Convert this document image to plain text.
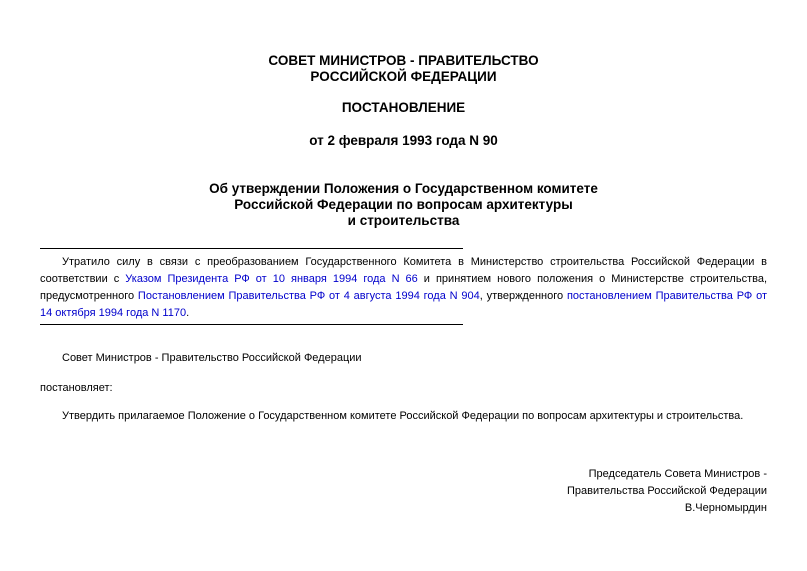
СОВЕТ МИНИСТРОВ - ПРАВИТЕЛЬСТВО
РОССИЙСКОЙ ФЕДЕРАЦИИ
ПОСТАНОВЛЕНИЕ
от 2 февраля 1993 года N 90
Об утверждении Положения о Государственном комитете
Российской Федерации по вопросам архитектуры
и строительства
Утратило силу в связи с преобразованием Государственного Комитета в Министерство строительства Российской Федерации в соответствии с Указом Президента РФ от 10 января 1994 года N 66 и принятием нового положения о Министерстве строительства, предусмотренного Постановлением Правительства РФ от 4 августа 1994 года N 904, утвержденного постановлением Правительства РФ от 14 октября 1994 года N 1170.
Совет Министров - Правительство Российской Федерации
постановляет:
Утвердить прилагаемое Положение о Государственном комитете Российской Федерации по вопросам архитектуры и строительства.
Председатель Совета Министров -
Правительства Российской Федерации
В.Черномырдин
